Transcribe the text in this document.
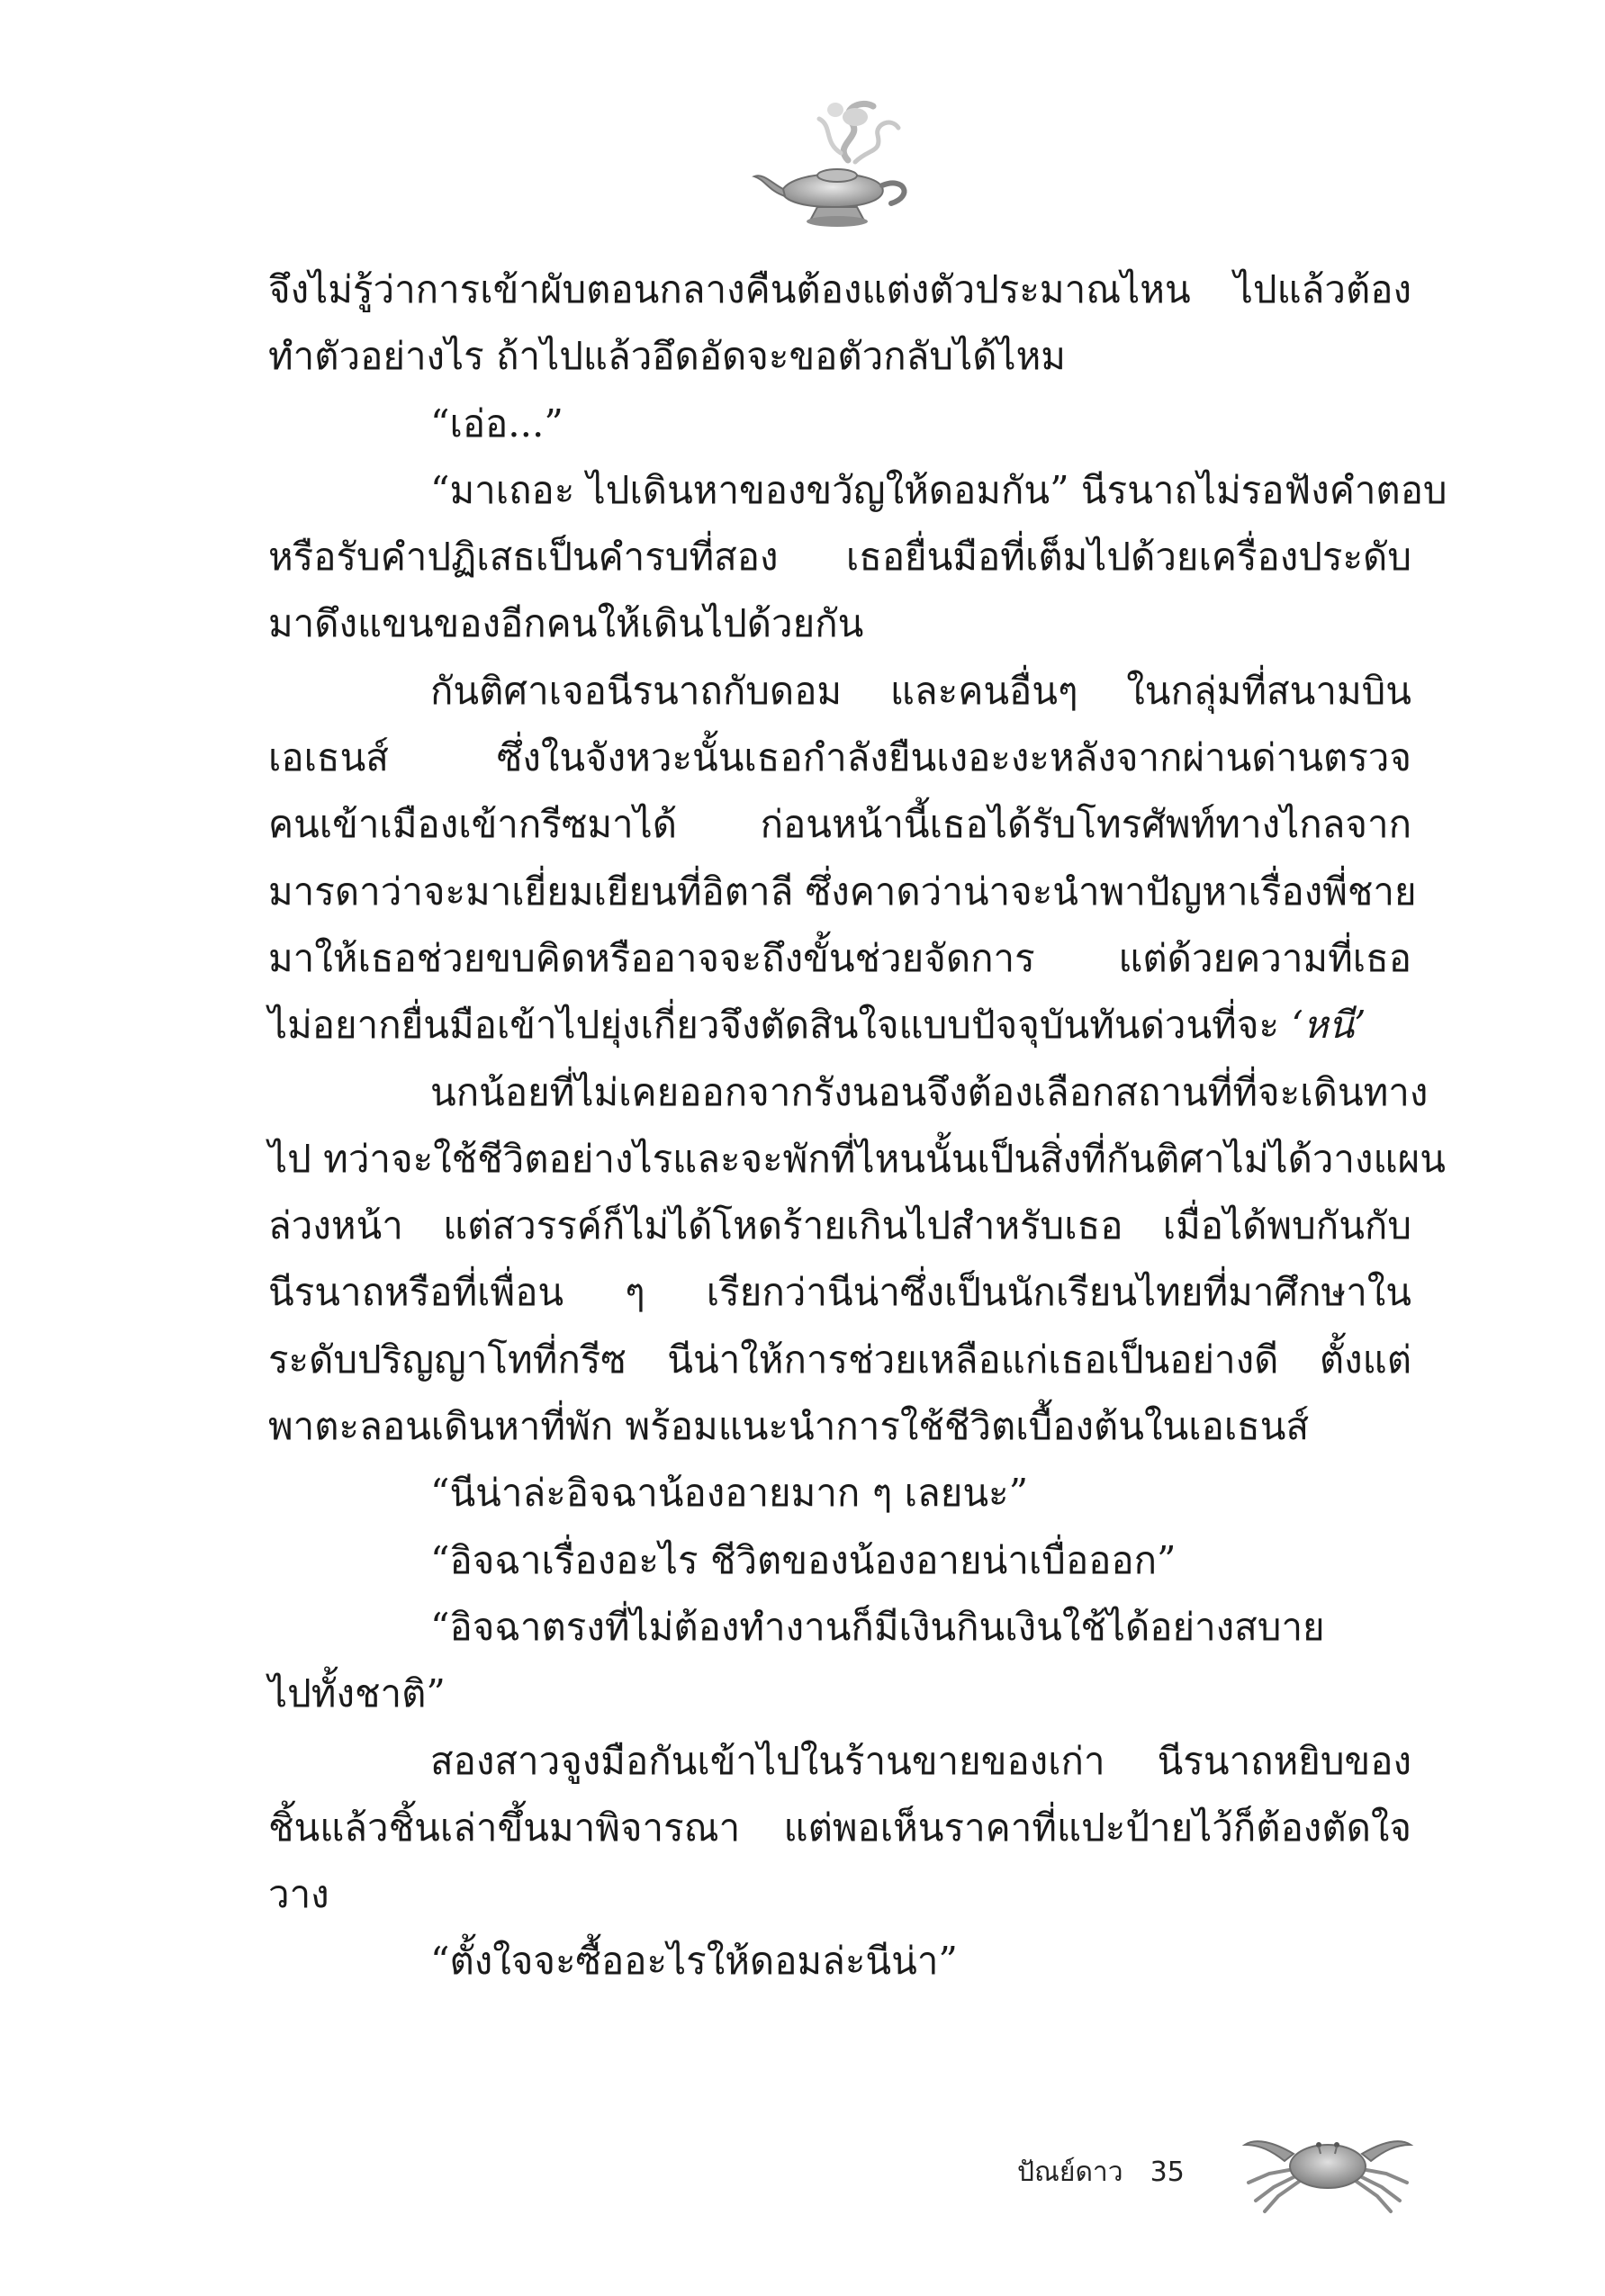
จึงไม่รู้ว่าการเข้าผับตอนกลางคืนต้องแต่งตัวประมาณไหน ไปแล้วต้อง
ทำตัวอย่างไร ถ้าไปแล้วอึดอัดจะขอตัวกลับได้ไหม
“เอ่อ...”
“มาเถอะ ไปเดินหาของขวัญให้ดอมกัน” นีรนาถไม่รอฟังคำตอบ
หรือรับคำปฏิเสธเป็นคำรบที่สอง เธอยื่นมือที่เต็มไปด้วยเครื่องประดับ
มาดึงแขนของอีกคนให้เดินไปด้วยกัน
กันติศาเจอนีรนาถกับดอม และคนอื่นๆ ในกลุ่มที่สนามบิน
เอเธนส์ ซึ่งในจังหวะนั้นเธอกำลังยืนเงอะงะหลังจากผ่านด่านตรวจ
คนเข้าเมืองเข้ากรีซมาได้ ก่อนหน้านี้เธอได้รับโทรศัพท์ทางไกลจาก
มารดาว่าจะมาเยี่ยมเยียนที่อิตาลี ซึ่งคาดว่าน่าจะนำพาปัญหาเรื่องพี่ชาย
มาให้เธอช่วยขบคิดหรืออาจจะถึงขั้นช่วยจัดการ แต่ด้วยความที่เธอ
ไม่อยากยื่นมือเข้าไปยุ่งเกี่ยวจึงตัดสินใจแบบปัจจุบันทันด่วนที่จะ ‘หนี’
นกน้อยที่ไม่เคยออกจากรังนอนจึงต้องเลือกสถานที่ที่จะเดินทาง
ไป ทว่าจะใช้ชีวิตอย่างไรและจะพักที่ไหนนั้นเป็นสิ่งที่กันติศาไม่ได้วางแผน
ล่วงหน้า แต่สวรรค์ก็ไม่ได้โหดร้ายเกินไปสำหรับเธอ เมื่อได้พบกันกับ
นีรนาถหรือที่เพื่อน ๆ เรียกว่านีน่าซึ่งเป็นนักเรียนไทยที่มาศึกษาใน
ระดับปริญญาโทที่กรีซ นีน่าให้การช่วยเหลือแก่เธอเป็นอย่างดี ตั้งแต่
พาตะลอนเดินหาที่พัก พร้อมแนะนำการใช้ชีวิตเบื้องต้นในเอเธนส์
“นีน่าล่ะอิจฉาน้องอายมาก ๆ เลยนะ”
“อิจฉาเรื่องอะไร ชีวิตของน้องอายน่าเบื่อออก”
“อิจฉาตรงที่ไม่ต้องทำงานก็มีเงินกินเงินใช้ได้อย่างสบาย
ไปทั้งชาติ”
สองสาวจูงมือกันเข้าไปในร้านขายของเก่า นีรนาถหยิบของ
ชิ้นแล้วชิ้นเล่าขึ้นมาพิจารณา แต่พอเห็นราคาที่แปะป้ายไว้ก็ต้องตัดใจ
วาง
“ตั้งใจจะซื้ออะไรให้ดอมล่ะนีน่า”
ปัณย์ดาว 35
